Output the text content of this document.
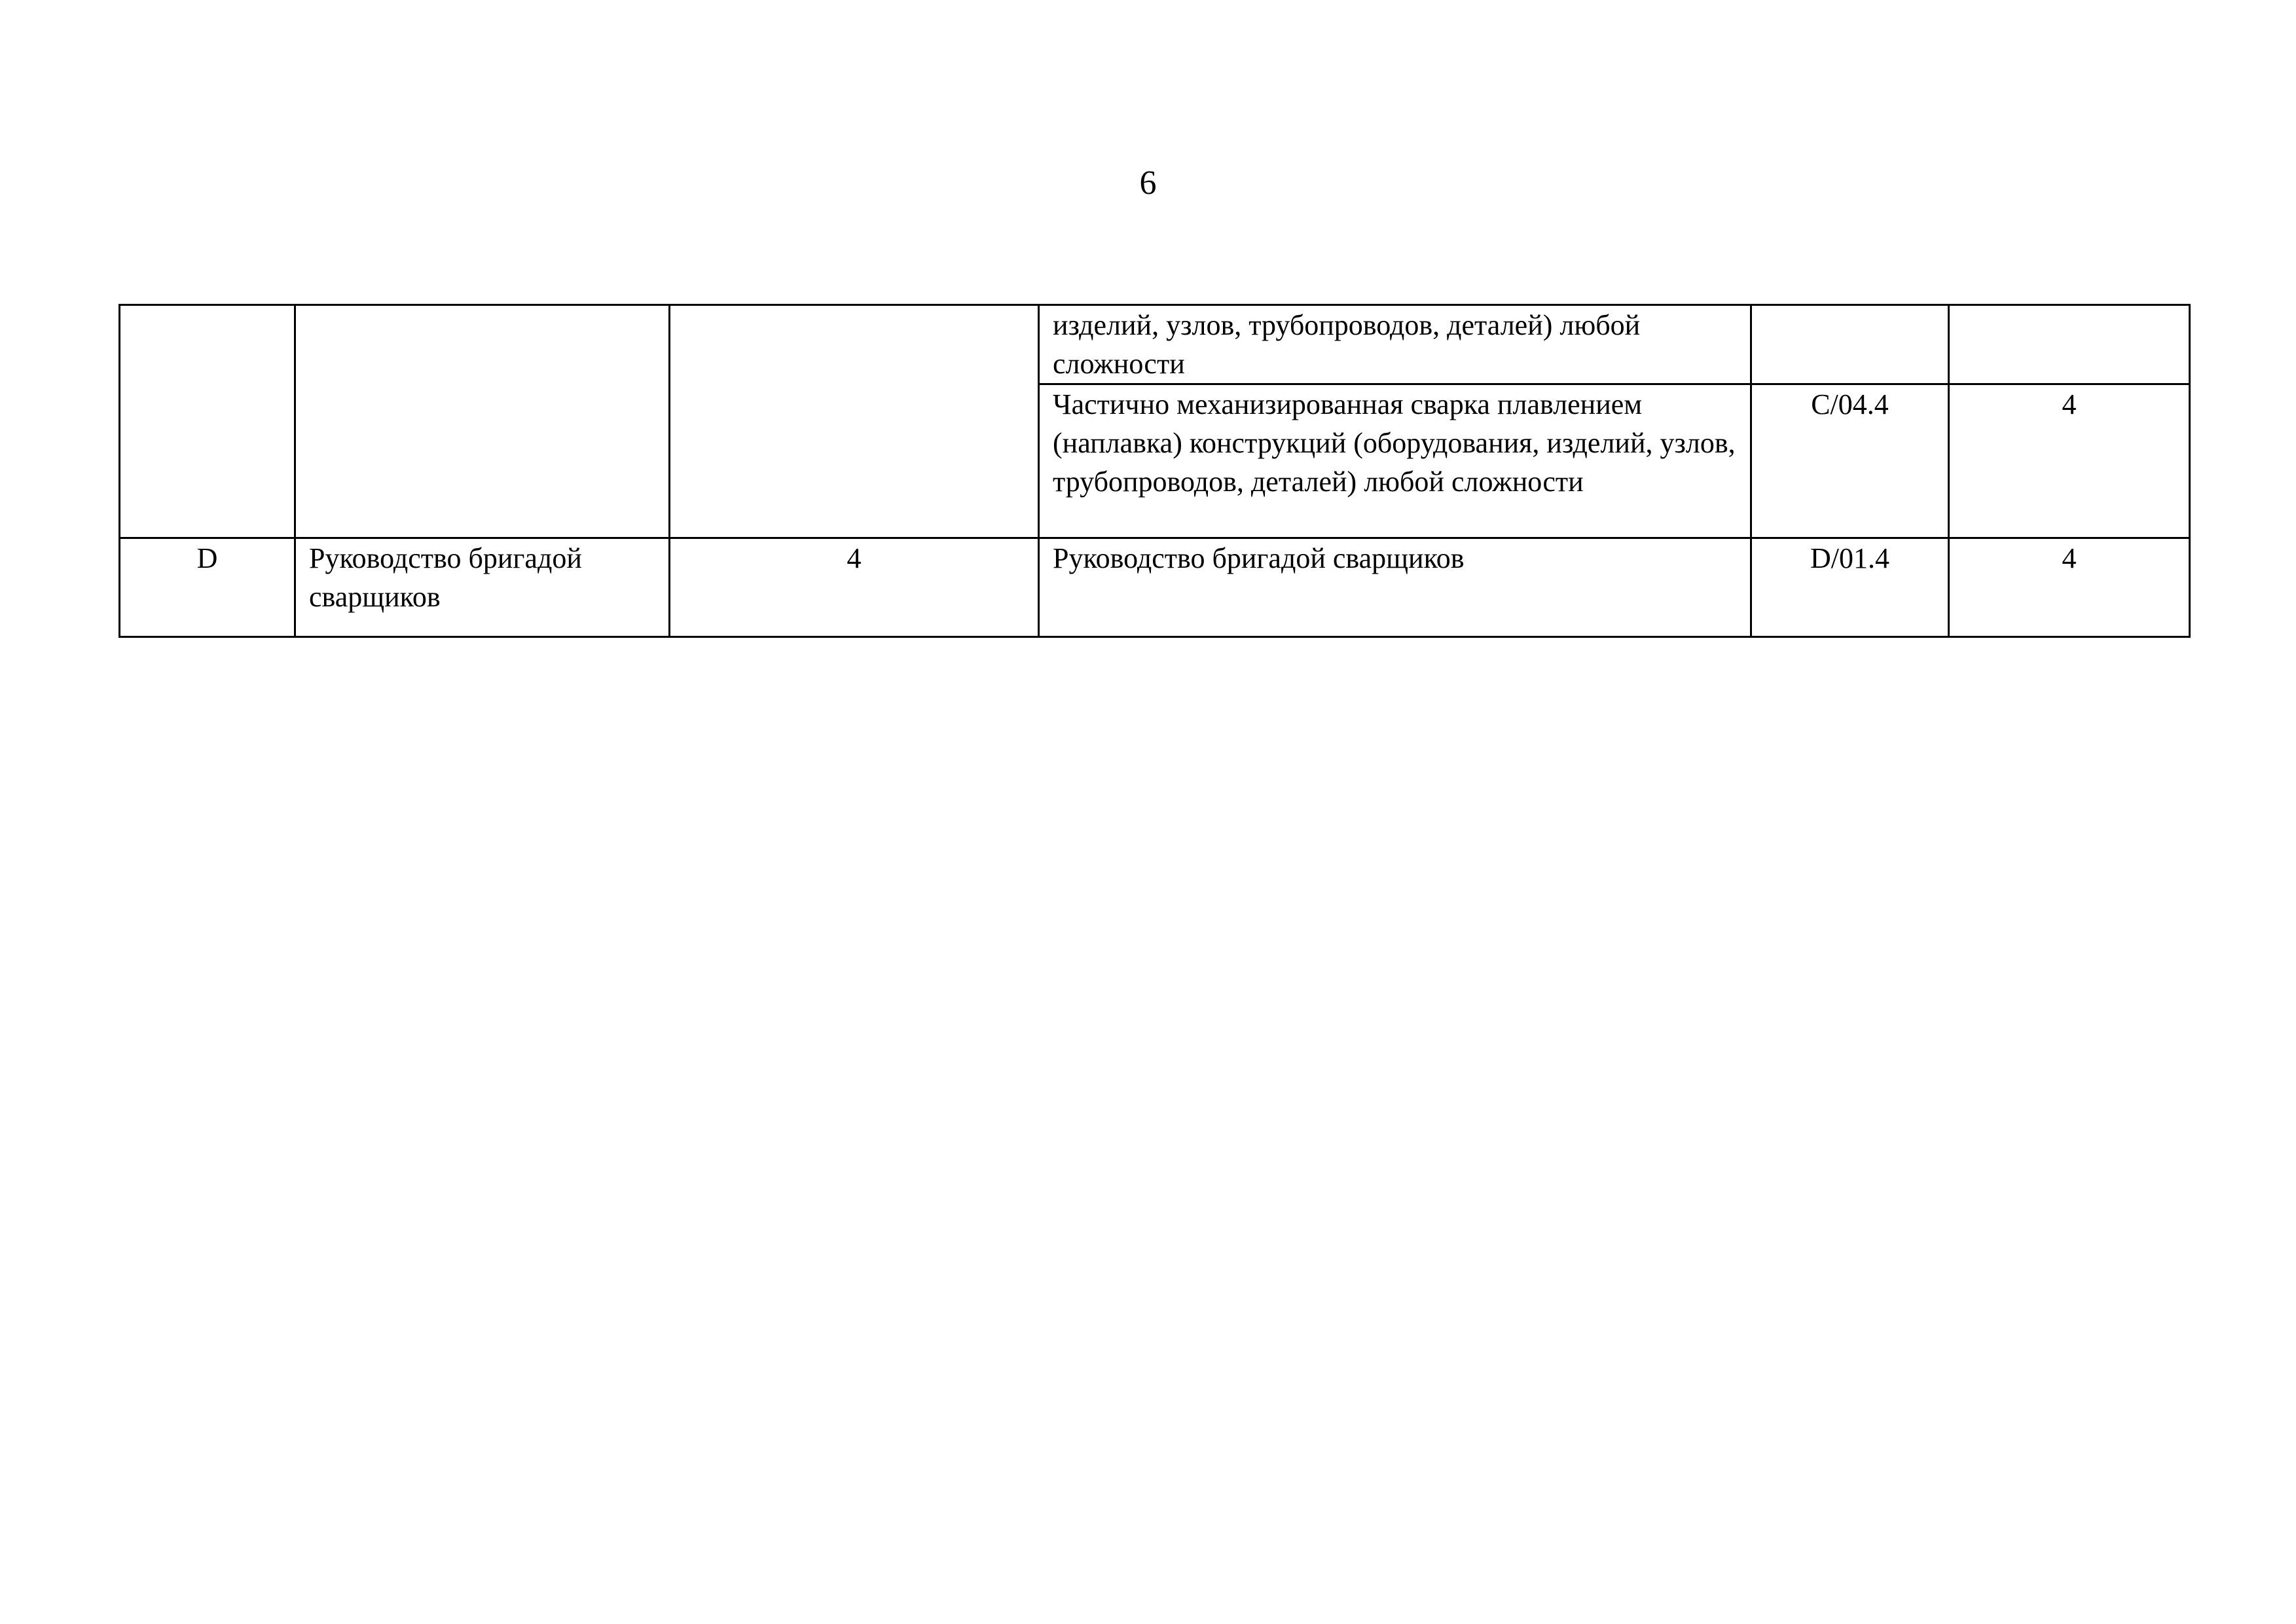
6
			изделий, узлов, трубопроводов, деталей) любой сложности		
			Частично механизированная сварка плавлением (наплавка) конструкций (оборудования, изделий, узлов, трубопроводов, деталей) любой сложности	C/04.4	4
D	Руководство бригадой сварщиков	4	Руководство бригадой сварщиков	D/01.4	4
